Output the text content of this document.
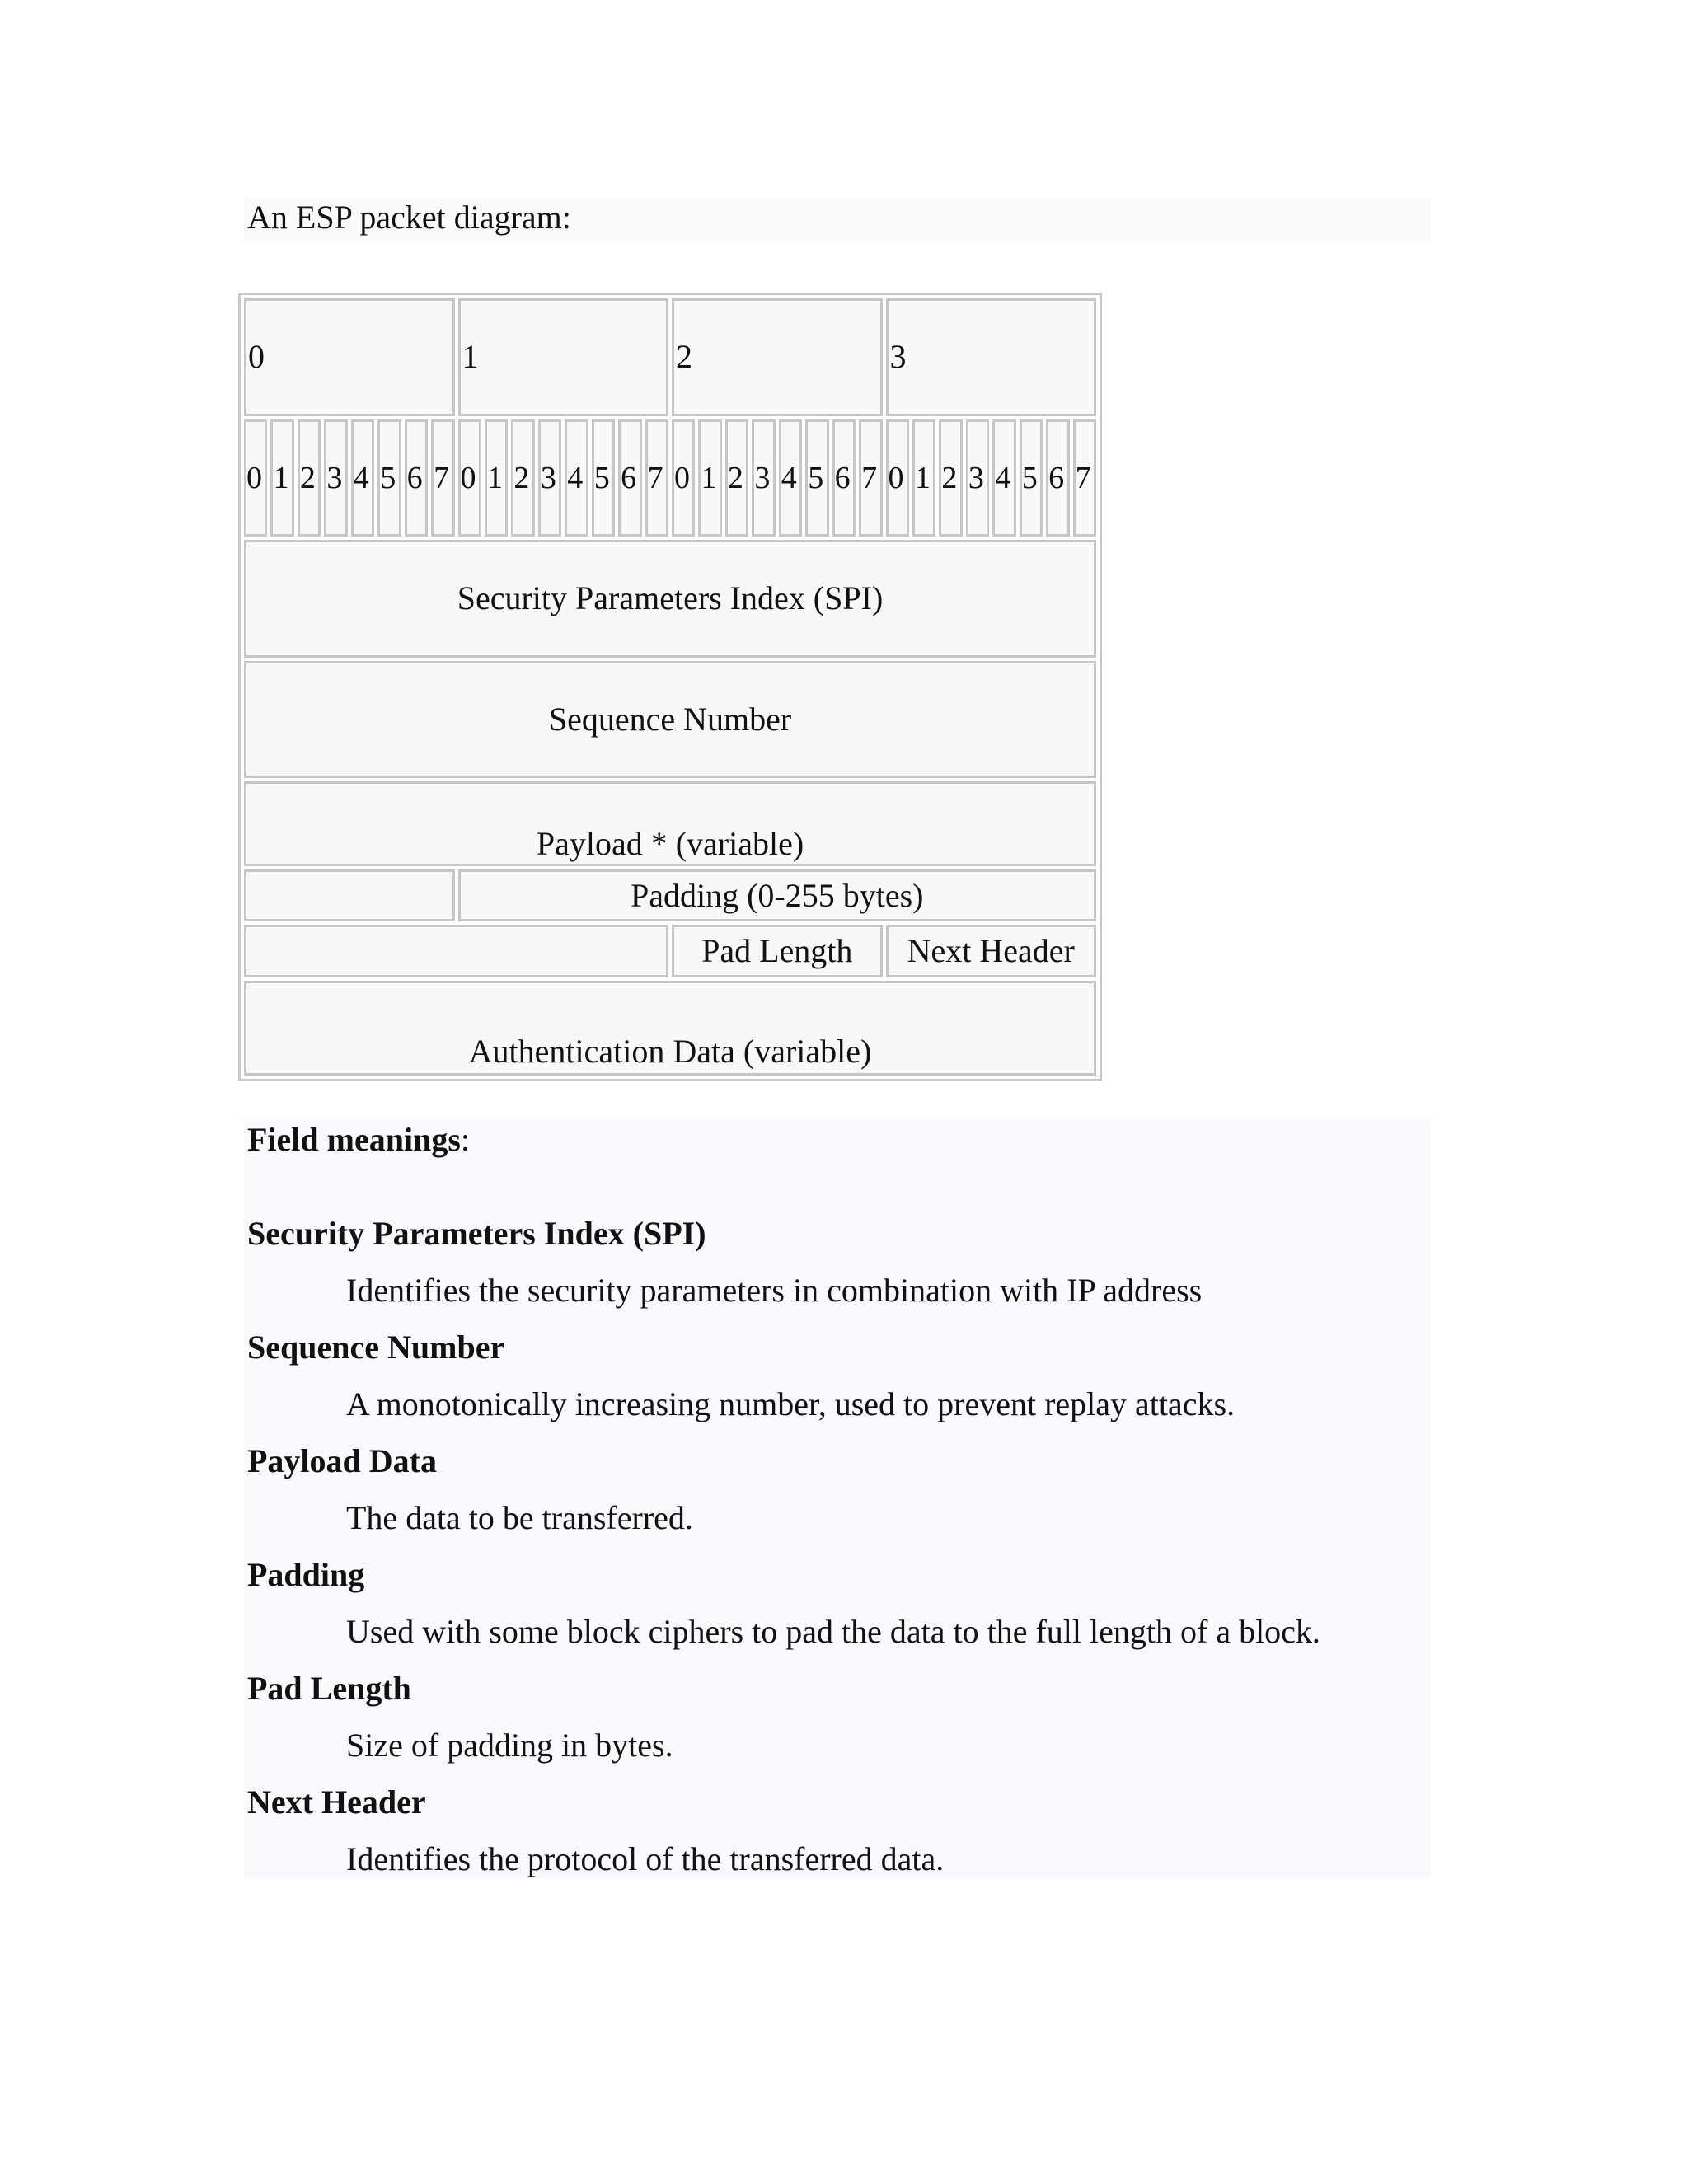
An ESP packet diagram:

0								1								2								3							
0	1	2	3	4	5	6	7	0	1	2	3	4	5	6	7	0	1	2	3	4	5	6	7	0	1	2	3	4	5	6	7
Security Parameters Index (SPI)																															
Sequence Number																															
Payload * (variable)																															
								Padding (0-255 bytes)																							
																Pad Length								Next Header							
Authentication Data (variable)																															

Field meanings:

Security Parameters Index (SPI)
Identifies the security parameters in combination with IP address
Sequence Number
A monotonically increasing number, used to prevent replay attacks.
Payload Data
The data to be transferred.
Padding
Used with some block ciphers to pad the data to the full length of a block.
Pad Length
Size of padding in bytes.
Next Header
Identifies the protocol of the transferred data.
